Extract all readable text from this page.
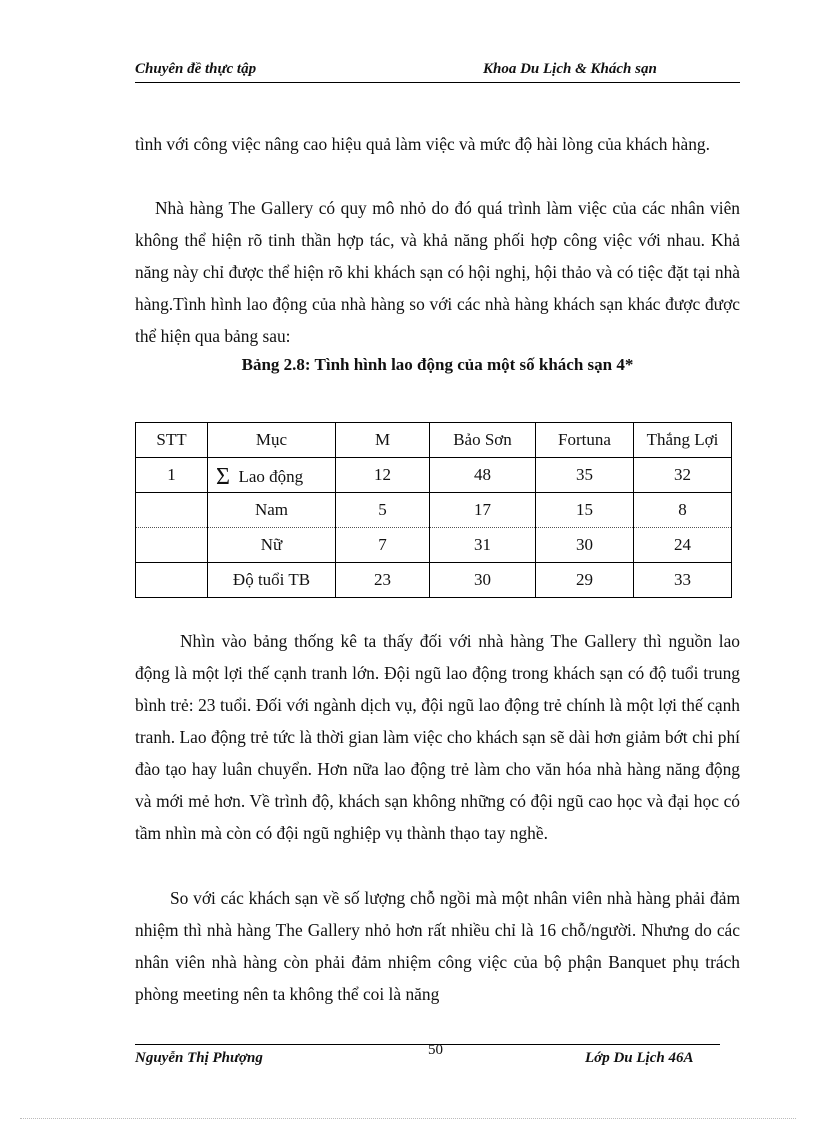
Chuyên đề thực tập	Khoa Du Lịch & Khách sạn

tình với công việc nâng cao hiệu quả làm việc và mức độ hài lòng của khách hàng.

Nhà hàng The Gallery có quy mô nhỏ do đó quá trình làm việc của các nhân viên không thể hiện rõ tinh thần hợp tác, và khả năng phối hợp công việc với nhau. Khả năng này chỉ được thể hiện rõ khi khách sạn có hội nghị, hội thảo và có tiệc đặt tại nhà hàng.Tình hình lao động của nhà hàng so với các nhà hàng khách sạn khác được được thể hiện qua bảng sau:

Bảng 2.8: Tình hình lao động của một số khách sạn 4*
STT	Mục	M	Bảo Sơn	Fortuna	Thắng Lợi
1	Σ Lao động	12	48	35	32
	Nam	5	17	15	8
	Nữ	7	31	30	24
	Độ tuổi TB	23	30	29	33

Nhìn vào bảng thống kê ta thấy đối với nhà hàng The Gallery thì nguồn lao động là một lợi thế cạnh tranh lớn. Đội ngũ lao động trong khách sạn có độ tuổi trung bình trẻ: 23 tuổi. Đối với ngành dịch vụ, đội ngũ lao động trẻ chính là một lợi thế cạnh tranh. Lao động trẻ tức là thời gian làm việc cho khách sạn sẽ dài hơn giảm bớt chi phí đào tạo hay luân chuyển. Hơn nữa lao động trẻ làm cho văn hóa nhà hàng năng động và mới mẻ hơn. Về trình độ, khách sạn không những có đội ngũ cao học và đại học có tầm nhìn mà còn có đội ngũ nghiệp vụ thành thạo tay nghề.

So với các khách sạn về số lượng chỗ ngồi mà một nhân viên nhà hàng phải đảm nhiệm thì nhà hàng The Gallery nhỏ hơn rất nhiều chỉ là 16 chỗ/người. Nhưng do các nhân viên nhà hàng còn phải đảm nhiệm công việc của bộ phận Banquet phụ trách phòng meeting nên ta không thể coi là năng

Nguyễn Thị Phượng	50	Lớp Du Lịch 46A
